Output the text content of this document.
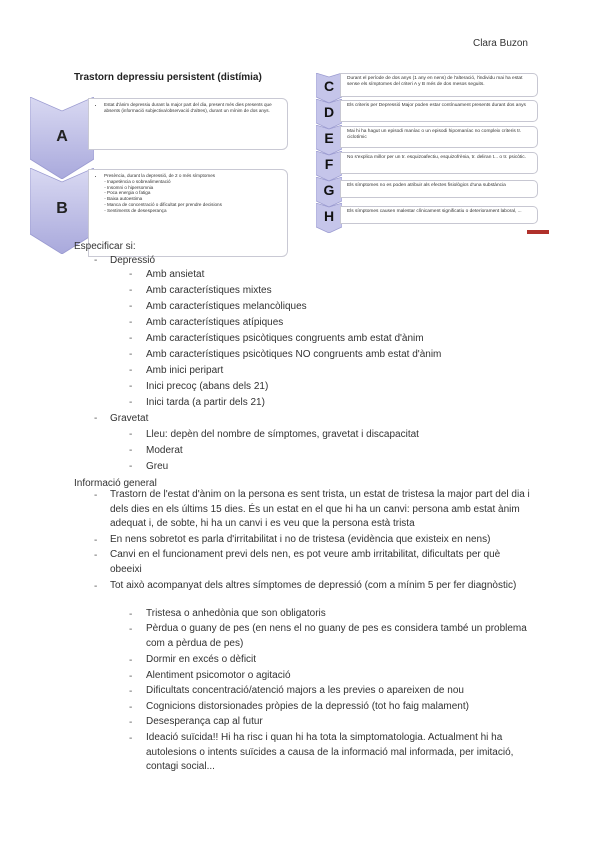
Clara Buzon
Trastorn depressiu persistent (distímia)
A
• Estat d'ànim depressiu durant la major part del dia, present més dies presents que absents (informació subjectiva/observació d'altres), durant un mínim de dos anys.
B
• Presència, durant la depressió, de 2 o més símptomes
- Inapetència o sobrealimentació
- Insomni o hipersomnia
- Poca energia o fatiga
- Baixa autoestima
- Manca de concentració o dificultat per prendre decisions
- Sentiments de desesperança
C	Durant el període de dos anys (1 any en nens) de l'alteració, l'individu mai ha estat sense els símptomes del criteri A y B més de dos mesos seguits.
D	Els criteris per Depressió Major poden estar contínuament presents durant dos anys
E	Mai hi ha hagut un episodi maníac o un episodi hipomaníac no compleix criteris tr. ciclotímic
F	No s'explica millor per un tr. esquizoafectiu, esquizofrènia, tr. deliran t... o tr. psicòtic.
G	Els símptomes no es poden atribuir als efectes fisiològics d'una substància
H	Els símptomes causen malestar clínicament significatiu o deteriorament laboral, ...
Especificar si:
- Depressió
- Amb ansietat
- Amb característiques mixtes
- Amb característiques melancòliques
- Amb característiques atípiques
- Amb característiques psicòtiques congruents amb estat d'ànim
- Amb característiques psicòtiques NO congruents amb estat d'ànim
- Amb inici peripart
- Inici precoç (abans dels 21)
- Inici tarda (a partir dels 21)
- Gravetat
- Lleu: depèn del nombre de símptomes, gravetat i discapacitat
- Moderat
- Greu
Informació general
- Trastorn de l'estat d'ànim on la persona es sent trista, un estat de tristesa la major part del dia i dels dies en els últims 15 dies. És un estat en el que hi ha un canvi: persona amb estat ànim adequat i, de sobte, hi ha un canvi i es veu que la persona està trista
- En nens sobretot es parla d'irritabilitat i no de tristesa (evidència que existeix en nens)
- Canvi en el funcionament previ dels nen, es pot veure amb irritabilitat, dificultats per què obeeixi
- Tot això acompanyat dels altres símptomes de depressió (com a mínim 5 per fer diagnòstic)
- Tristesa o anhedònia que son obligatoris
- Pèrdua o guany de pes (en nens el no guany de pes es considera també un problema com a pèrdua de pes)
- Dormir en excés o dèficit
- Alentiment psicomotor o agitació
- Dificultats concentració/atenció majors a les previes o apareixen de nou
- Cognicions distorsionades pròpies de la depressió (tot ho faig malament)
- Desesperança cap al futur
- Ideació suïcida!! Hi ha risc i quan hi ha tota la simptomatologia. Actualment hi ha autolesions o intents suïcides a causa de la informació mal informada, per imitació, contagi social...
